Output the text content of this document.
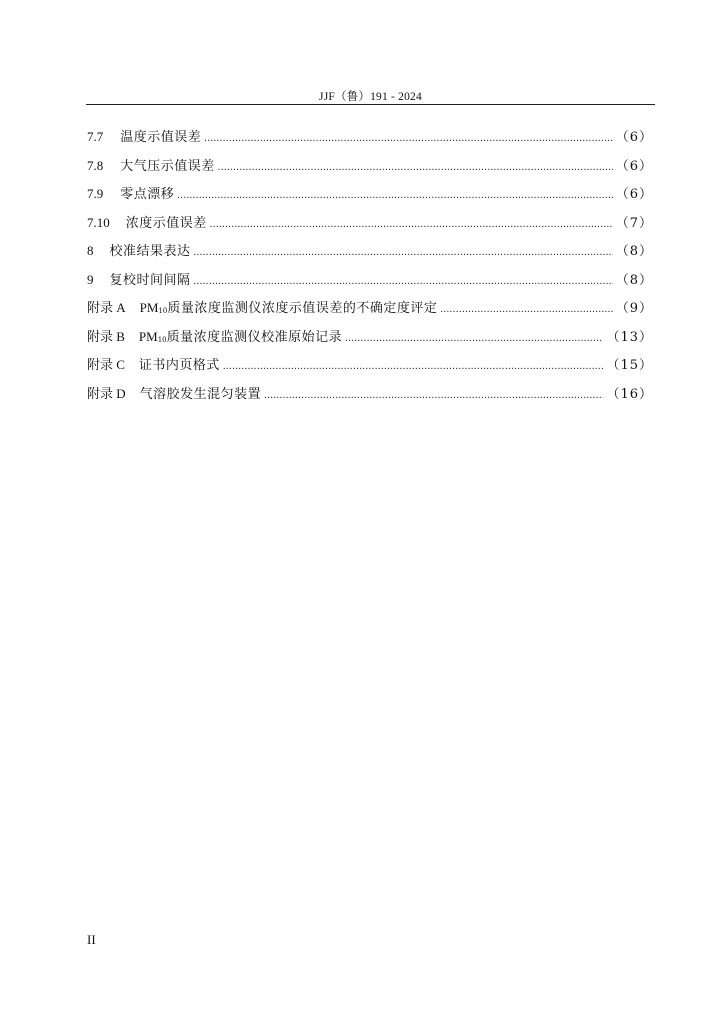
JJF（鲁）191 - 2024
7.7 温度示值误差 .....	（6）
7.8 大气压示值误差 .....	（6）
7.9 零点漂移 .....	（6）
7.10 浓度示值误差 .....	（7）
8 校准结果表达 .....	（8）
9 复校时间间隔 .....	（8）
附录 A PM10质量浓度监测仪浓度示值误差的不确定度评定 .....	（9）
附录 B PM10质量浓度监测仪校准原始记录 .....	（13）
附录 C 证书内页格式 .....	（15）
附录 D 气溶胶发生混匀装置 .....	（16）
II
